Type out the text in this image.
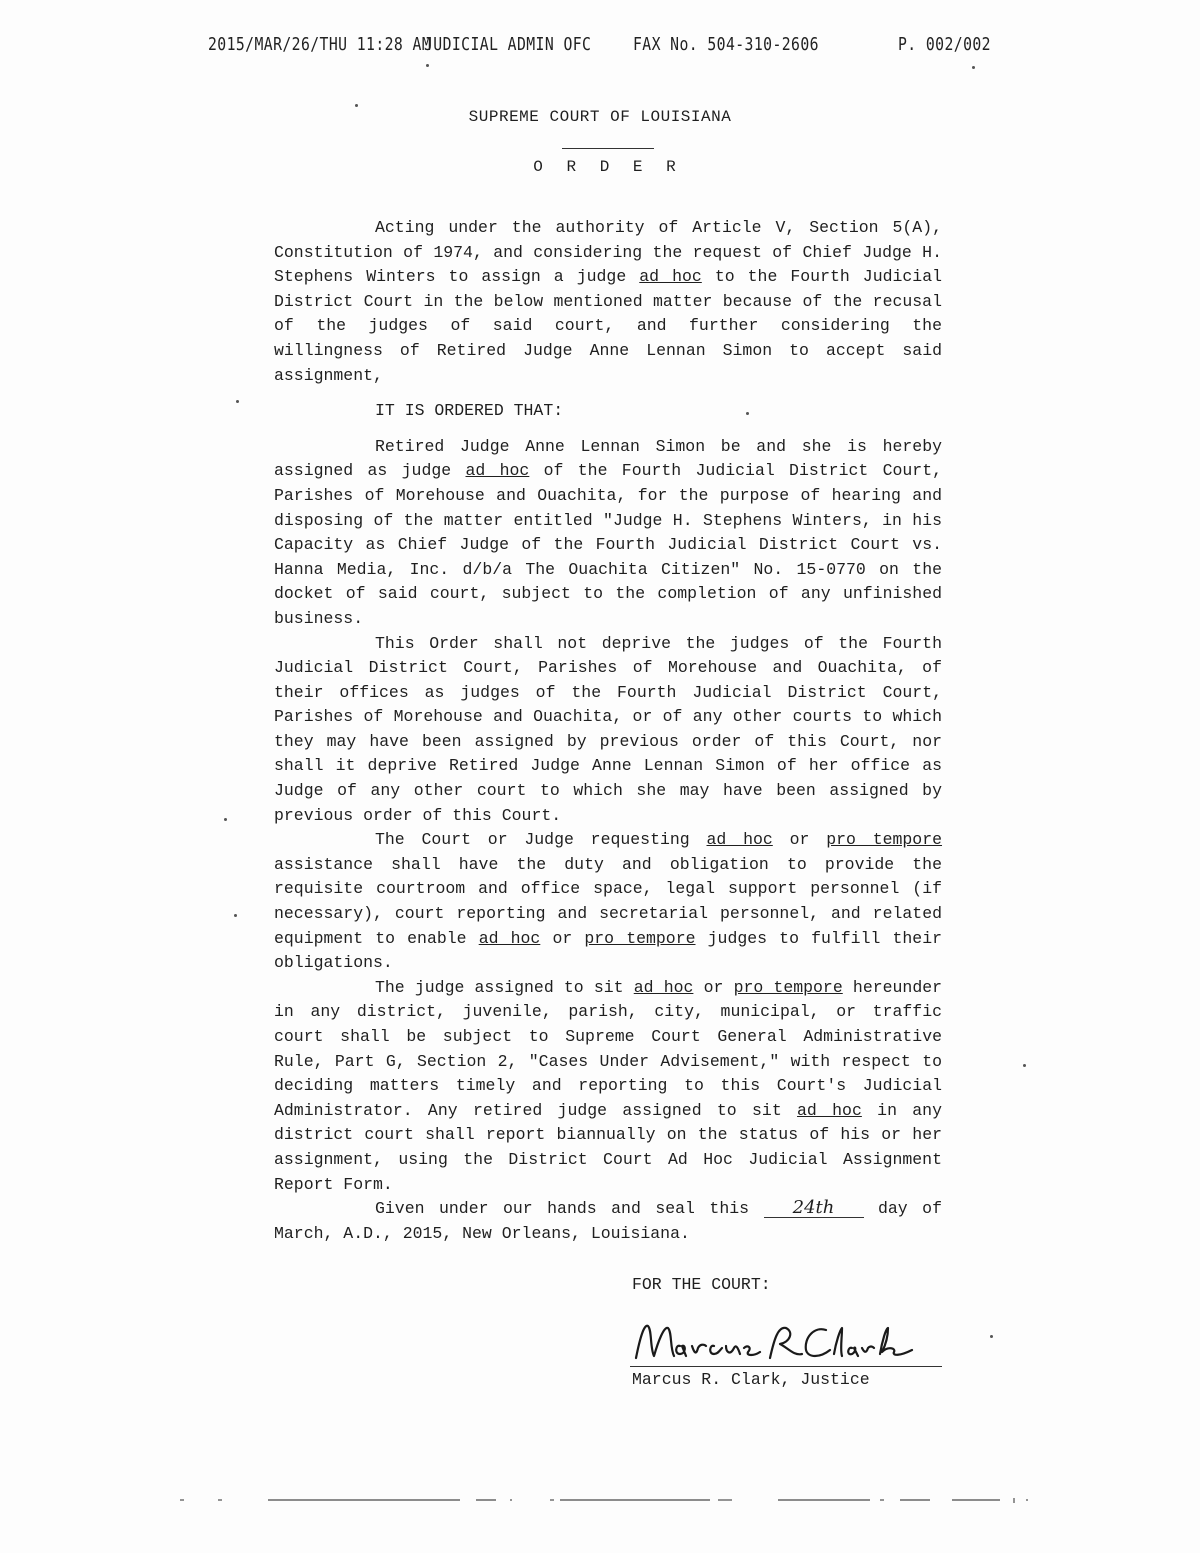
2015/MAR/26/THU 11:28 AM
JUDICIAL ADMIN OFC FAX No. 504-310-2606	P. 002/002
SUPREME COURT OF LOUISIANA
O R D E R

Acting under the authority of Article V, Section 5(A), Constitution of 1974, and considering the request of Chief Judge H. Stephens Winters to assign a judge ad hoc to the Fourth Judicial District Court in the below mentioned matter because of the recusal of the judges of said court, and further considering the willingness of Retired Judge Anne Lennan Simon to accept said assignment,

IT IS ORDERED THAT:

Retired Judge Anne Lennan Simon be and she is hereby assigned as judge ad hoc of the Fourth Judicial District Court, Parishes of Morehouse and Ouachita, for the purpose of hearing and disposing of the matter entitled "Judge H. Stephens Winters, in his Capacity as Chief Judge of the Fourth Judicial District Court vs. Hanna Media, Inc. d/b/a The Ouachita Citizen" No. 15-0770 on the docket of said court, subject to the completion of any unfinished business.

This Order shall not deprive the judges of the Fourth Judicial District Court, Parishes of Morehouse and Ouachita, of their offices as judges of the Fourth Judicial District Court, Parishes of Morehouse and Ouachita, or of any other courts to which they may have been assigned by previous order of this Court, nor shall it deprive Retired Judge Anne Lennan Simon of her office as Judge of any other court to which she may have been assigned by previous order of this Court.

The Court or Judge requesting ad hoc or pro tempore assistance shall have the duty and obligation to provide the requisite courtroom and office space, legal support personnel (if necessary), court reporting and secretarial personnel, and related equipment to enable ad hoc or pro tempore judges to fulfill their obligations.

The judge assigned to sit ad hoc or pro tempore hereunder in any district, juvenile, parish, city, municipal, or traffic court shall be subject to Supreme Court General Administrative Rule, Part G, Section 2, "Cases Under Advisement," with respect to deciding matters timely and reporting to this Court's Judicial Administrator. Any retired judge assigned to sit ad hoc in any district court shall report biannually on the status of his or her assignment, using the District Court Ad Hoc Judicial Assignment Report Form.

Given under our hands and seal this 24th	day of March, A.D., 2015, New Orleans, Louisiana.

FOR THE COURT:
Marcus R. Clark, Justice
